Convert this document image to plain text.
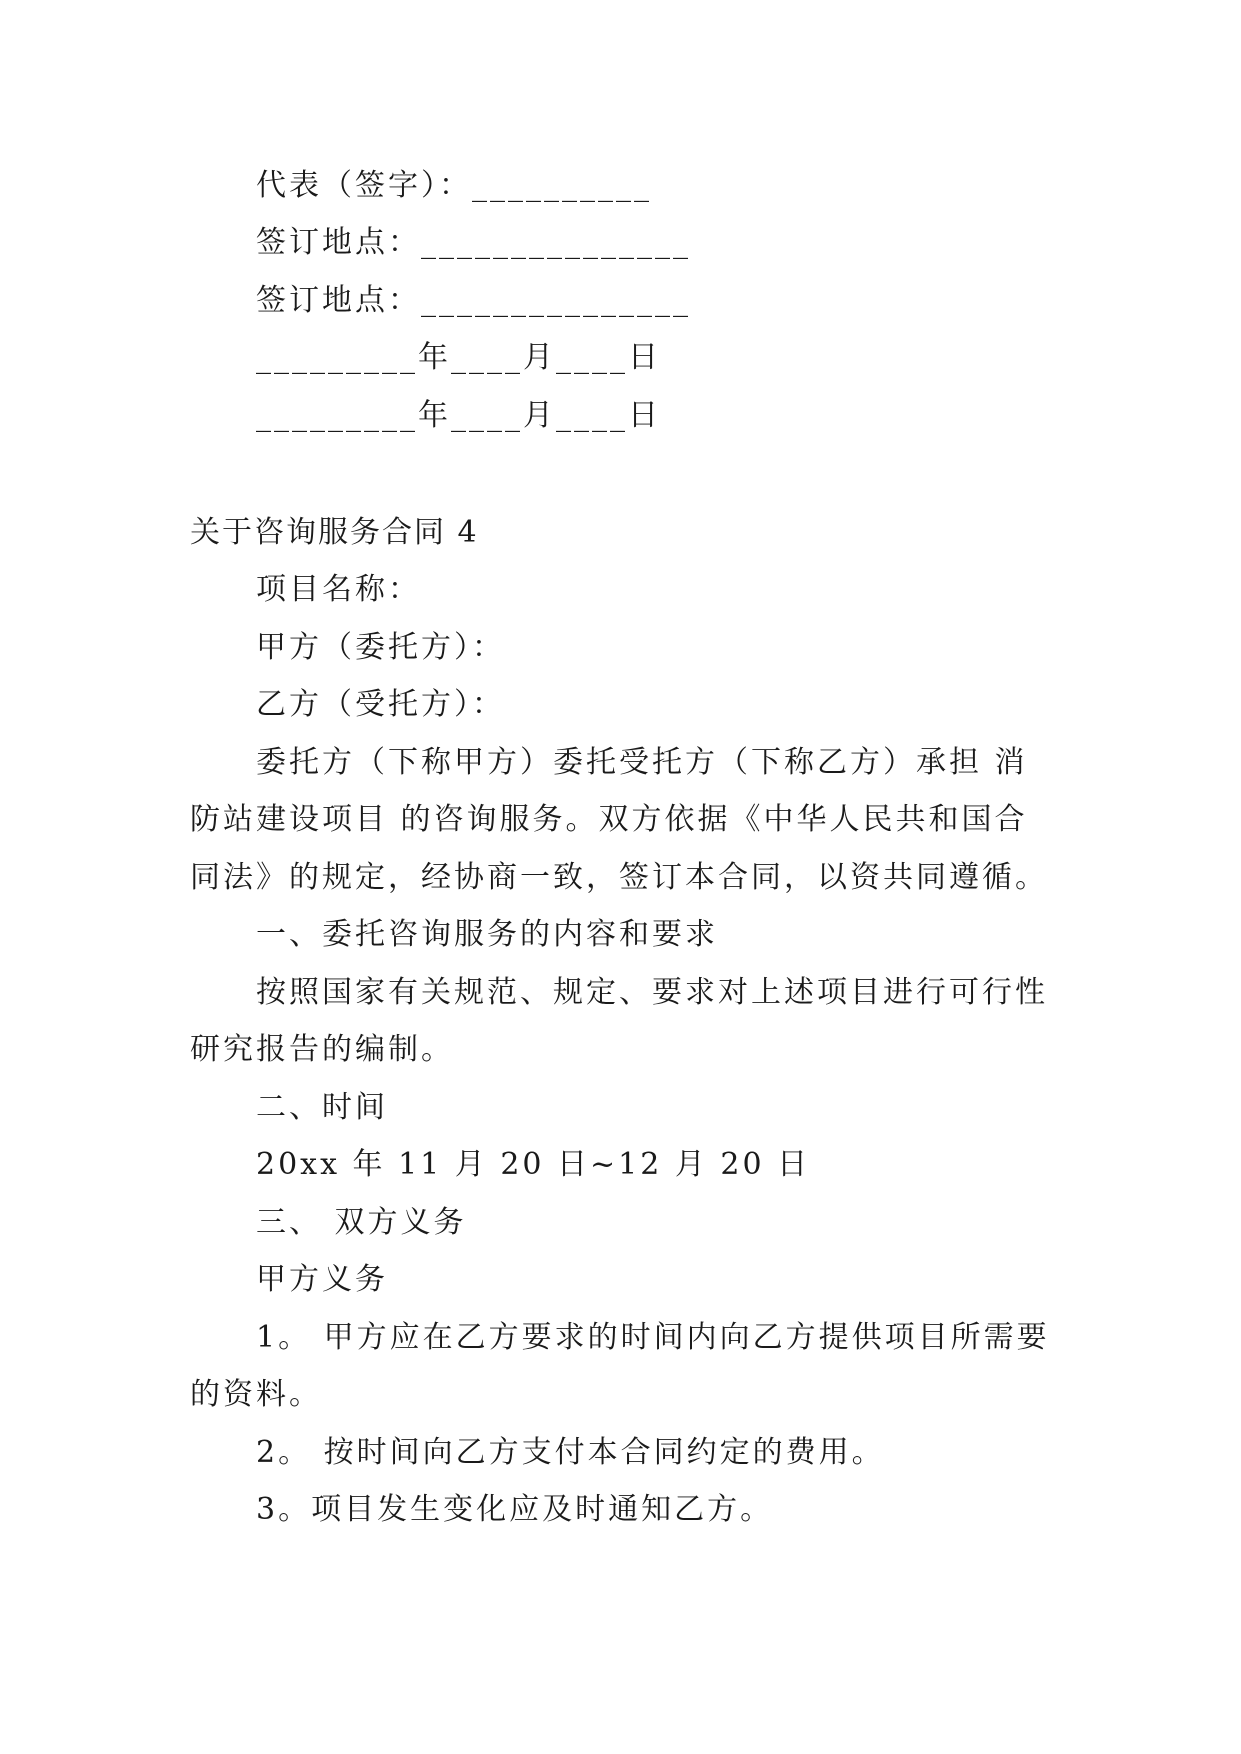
代表（签字）：__________
签订地点：_______________
签订地点：_______________
_________年____月____日
_________年____月____日
关于咨询服务合同 4
项目名称：
甲方（委托方）：
乙方（受托方）：
委托方（下称甲方）委托受托方（下称乙方）承担 消
防站建设项目 的咨询服务。双方依据《中华人民共和国合
同法》的规定，经协商一致，签订本合同，以资共同遵循。
一、委托咨询服务的内容和要求
按照国家有关规范、规定、要求对上述项目进行可行性
研究报告的编制。
二、时间
20xx 年 11 月 20 日~12 月 20 日
三、 双方义务
甲方义务
1。 甲方应在乙方要求的时间内向乙方提供项目所需要
的资料。
2。 按时间向乙方支付本合同约定的费用。
3。项目发生变化应及时通知乙方。
